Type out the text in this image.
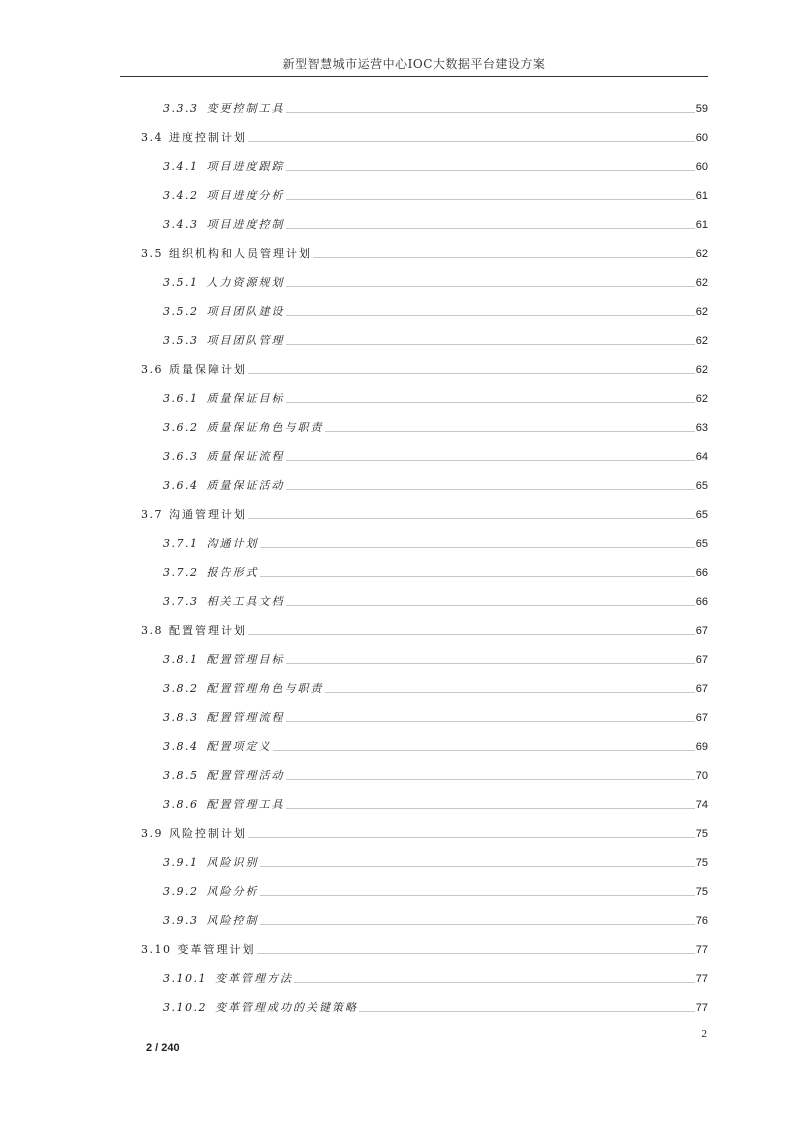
新型智慧城市运营中心IOC大数据平台建设方案
3.3.3 变更控制工具	59
3.4 进度控制计划	60
3.4.1 项目进度跟踪	60
3.4.2 项目进度分析	61
3.4.3 项目进度控制	61
3.5 组织机构和人员管理计划	62
3.5.1 人力资源规划	62
3.5.2 项目团队建设	62
3.5.3 项目团队管理	62
3.6 质量保障计划	62
3.6.1 质量保证目标	62
3.6.2 质量保证角色与职责	63
3.6.3 质量保证流程	64
3.6.4 质量保证活动	65
3.7 沟通管理计划	65
3.7.1 沟通计划	65
3.7.2 报告形式	66
3.7.3 相关工具文档	66
3.8 配置管理计划	67
3.8.1 配置管理目标	67
3.8.2 配置管理角色与职责	67
3.8.3 配置管理流程	67
3.8.4 配置项定义	69
3.8.5 配置管理活动	70
3.8.6 配置管理工具	74
3.9 风险控制计划	75
3.9.1 风险识别	75
3.9.2 风险分析	75
3.9.3 风险控制	76
3.10 变革管理计划	77
3.10.1 变革管理方法	77
3.10.2 变革管理成功的关键策略	77
2
2 / 240
